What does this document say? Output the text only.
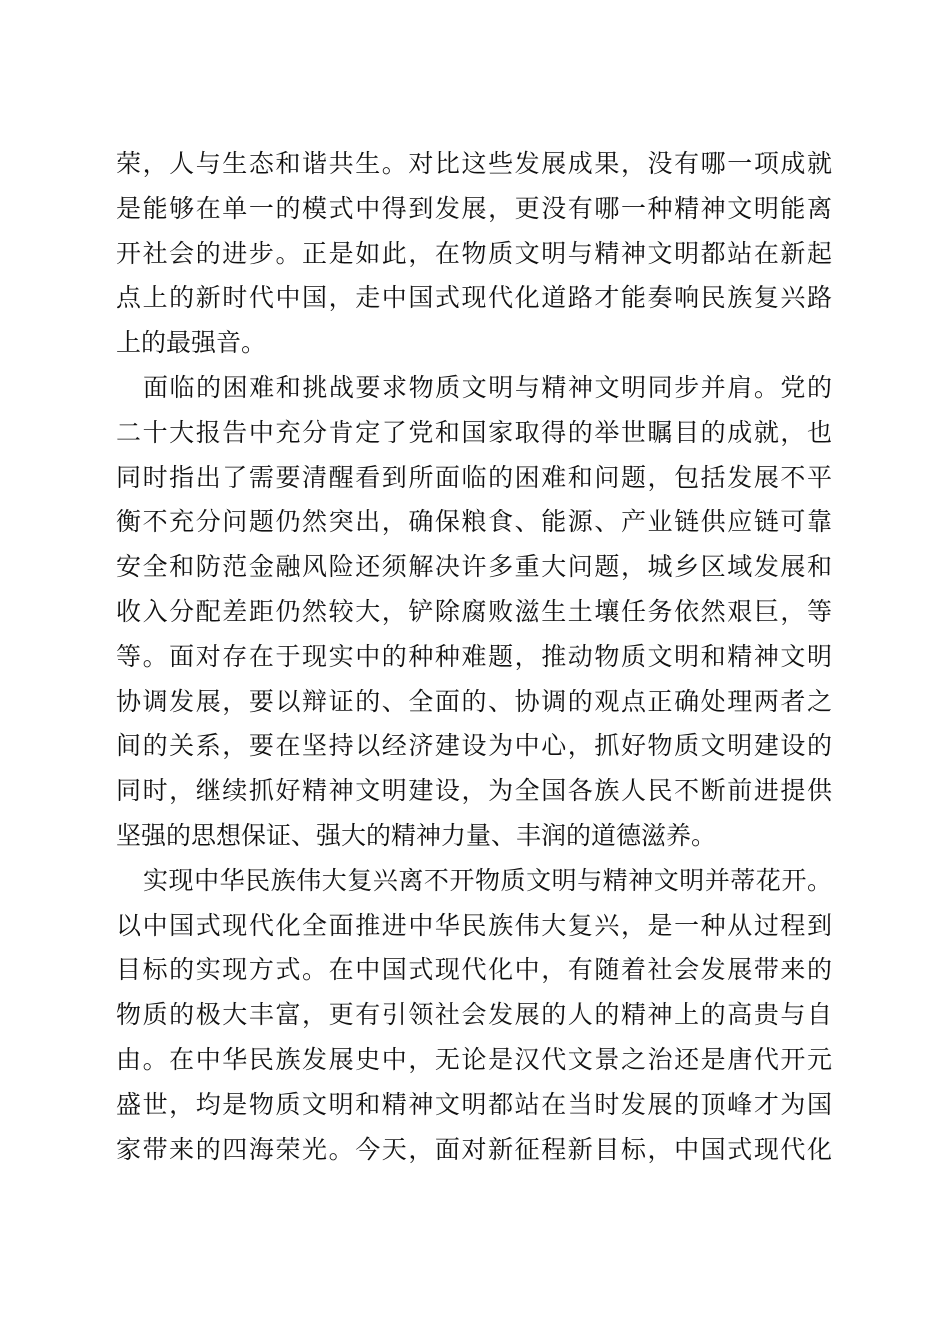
荣，人与生态和谐共生。对比这些发展成果，没有哪一项成就
是能够在单一的模式中得到发展，更没有哪一种精神文明能离
开社会的进步。正是如此，在物质文明与精神文明都站在新起
点上的新时代中国，走中国式现代化道路才能奏响民族复兴路
上的最强音。
面临的困难和挑战要求物质文明与精神文明同步并肩。党的
二十大报告中充分肯定了党和国家取得的举世瞩目的成就，也
同时指出了需要清醒看到所面临的困难和问题，包括发展不平
衡不充分问题仍然突出，确保粮食、能源、产业链供应链可靠
安全和防范金融风险还须解决许多重大问题，城乡区域发展和
收入分配差距仍然较大，铲除腐败滋生土壤任务依然艰巨，等
等。面对存在于现实中的种种难题，推动物质文明和精神文明
协调发展，要以辩证的、全面的、协调的观点正确处理两者之
间的关系，要在坚持以经济建设为中心，抓好物质文明建设的
同时，继续抓好精神文明建设，为全国各族人民不断前进提供
坚强的思想保证、强大的精神力量、丰润的道德滋养。
实现中华民族伟大复兴离不开物质文明与精神文明并蒂花开。
以中国式现代化全面推进中华民族伟大复兴，是一种从过程到
目标的实现方式。在中国式现代化中，有随着社会发展带来的
物质的极大丰富，更有引领社会发展的人的精神上的高贵与自
由。在中华民族发展史中，无论是汉代文景之治还是唐代开元
盛世，均是物质文明和精神文明都站在当时发展的顶峰才为国
家带来的四海荣光。今天，面对新征程新目标，中国式现代化
